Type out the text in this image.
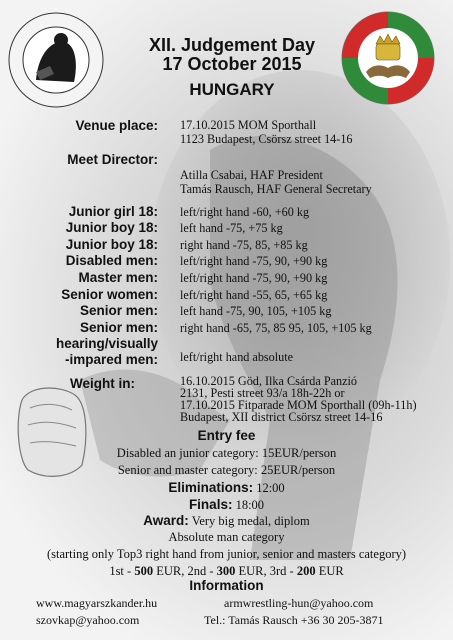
XII. Judgement Day
17 October 2015
HUNGARY
Venue place: 17.10.2015 MOM Sporthall
1123 Budapest, Csörsz street 14-16
Meet Director:
Atilla Csabai, HAF President
Tamás Rausch, HAF General Secretary
Junior girl 18: left/right hand -60, +60 kg
Junior boy 18: left hand -75, +75 kg
Junior boy 18: right hand -75, 85, +85 kg
Disabled men: left/right hand -75, 90, +90 kg
Master men: left/right hand -75, 90, +90 kg
Senior women: left/right hand -55, 65, +65 kg
Senior men: left hand -75, 90, 105, +105 kg
Senior men: right hand -65, 75, 85 95, 105, +105 kg
hearing/visually
-impared men: left/right hand absolute
Weight in:	16.10.2015 Göd, Ilka Csárda Panzió
2131, Pesti street 93/a 18h-22h or
17.10.2015 Fitparade MOM Sporthall (09h-11h)
Budapest, XII district Csörsz street 14-16
Entry fee
Disabled an junior category: 15EUR/person
Senior and master category: 25EUR/person
Eliminations: 12:00
Finals: 18:00
Award: Very big medal, diplom
Absolute man category
(starting only Top3 right hand from junior, senior and masters category)
1st - 500 EUR, 2nd - 300 EUR, 3rd - 200 EUR
Information
www.magyarszkander.hu
szovkap@yahoo.com
armwrestling-hun@yahoo.com
Tel.: Tamás Rausch +36 30 205-3871
